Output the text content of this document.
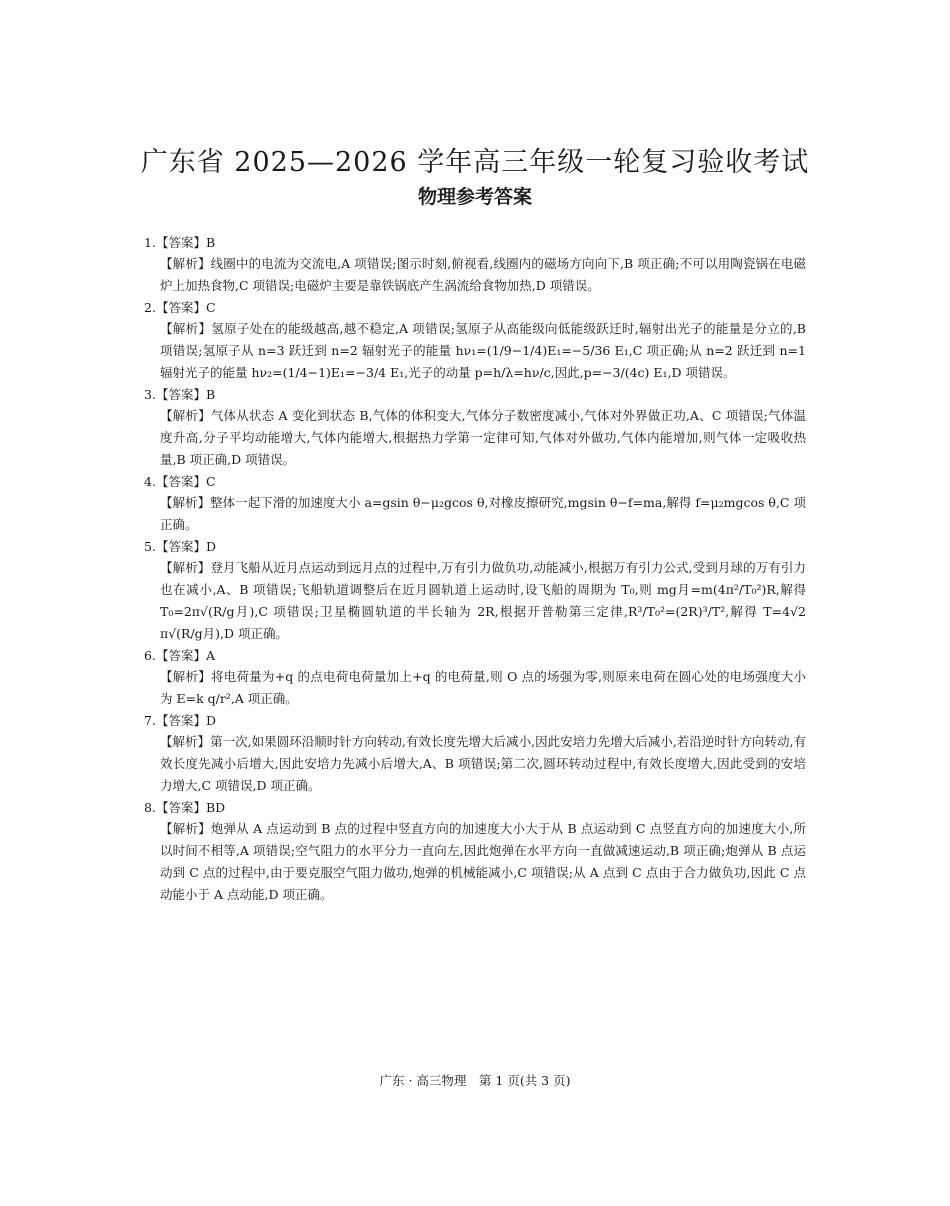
广东省 2025—2026 学年高三年级一轮复习验收考试
物理参考答案
1.【答案】B

【解析】线圈中的电流为交流电,A 项错误;图示时刻,俯视看,线圈内的磁场方向向下,B 项正确;不可以用陶瓷锅在电磁炉上加热食物,C 项错误;电磁炉主要是靠铁锅底产生涡流给食物加热,D 项错误。

2.【答案】C

【解析】氢原子处在的能级越高,越不稳定,A 项错误;氢原子从高能级向低能级跃迁时,辐射出光子的能量是分立的,B 项错误;氢原子从 n=3 跃迁到 n=2 辐射光子的能量 hν₁=(1/9−1/4)E₁=−5/36 E₁,C 项正确;从 n=2 跃迁到 n=1 辐射光子的能量 hν₂=(1/4−1)E₁=−3/4 E₁,光子的动量 p=h/λ=hν/c,因此,p=−3/(4c) E₁,D 项错误。

3.【答案】B

【解析】气体从状态 A 变化到状态 B,气体的体积变大,气体分子数密度减小,气体对外界做正功,A、C 项错误;气体温度升高,分子平均动能增大,气体内能增大,根据热力学第一定律可知,气体对外做功,气体内能增加,则气体一定吸收热量,B 项正确,D 项错误。

4.【答案】C

【解析】整体一起下滑的加速度大小 a=gsin θ−μ₂gcos θ,对橡皮擦研究,mgsin θ−f=ma,解得 f=μ₂mgcos θ,C 项正确。

5.【答案】D

【解析】登月飞船从近月点运动到远月点的过程中,万有引力做负功,动能减小,根据万有引力公式,受到月球的万有引力也在减小,A、B 项错误;飞船轨道调整后在近月圆轨道上运动时,设飞船的周期为 T₀,则 mg月=m(4π²/T₀²)R,解得 T₀=2π√(R/g月),C 项错误;卫星椭圆轨道的半长轴为 2R,根据开普勒第三定律,R³/T₀²=(2R)³/T²,解得 T=4√2 π√(R/g月),D 项正确。

6.【答案】A

【解析】将电荷量为+q 的点电荷电荷量加上+q 的电荷量,则 O 点的场强为零,则原来电荷在圆心处的电场强度大小为 E=k q/r²,A 项正确。

7.【答案】D

【解析】第一次,如果圆环沿顺时针方向转动,有效长度先增大后减小,因此安培力先增大后减小,若沿逆时针方向转动,有效长度先减小后增大,因此安培力先减小后增大,A、B 项错误;第二次,圆环转动过程中,有效长度增大,因此受到的安培力增大,C 项错误,D 项正确。

8.【答案】BD

【解析】炮弹从 A 点运动到 B 点的过程中竖直方向的加速度大小大于从 B 点运动到 C 点竖直方向的加速度大小,所以时间不相等,A 项错误;空气阻力的水平分力一直向左,因此炮弹在水平方向一直做减速运动,B 项正确;炮弹从 B 点运动到 C 点的过程中,由于要克服空气阻力做功,炮弹的机械能减小,C 项错误;从 A 点到 C 点由于合力做负功,因此 C 点动能小于 A 点动能,D 项正确。

广东 · 高三物理　第 1 页(共 3 页)
